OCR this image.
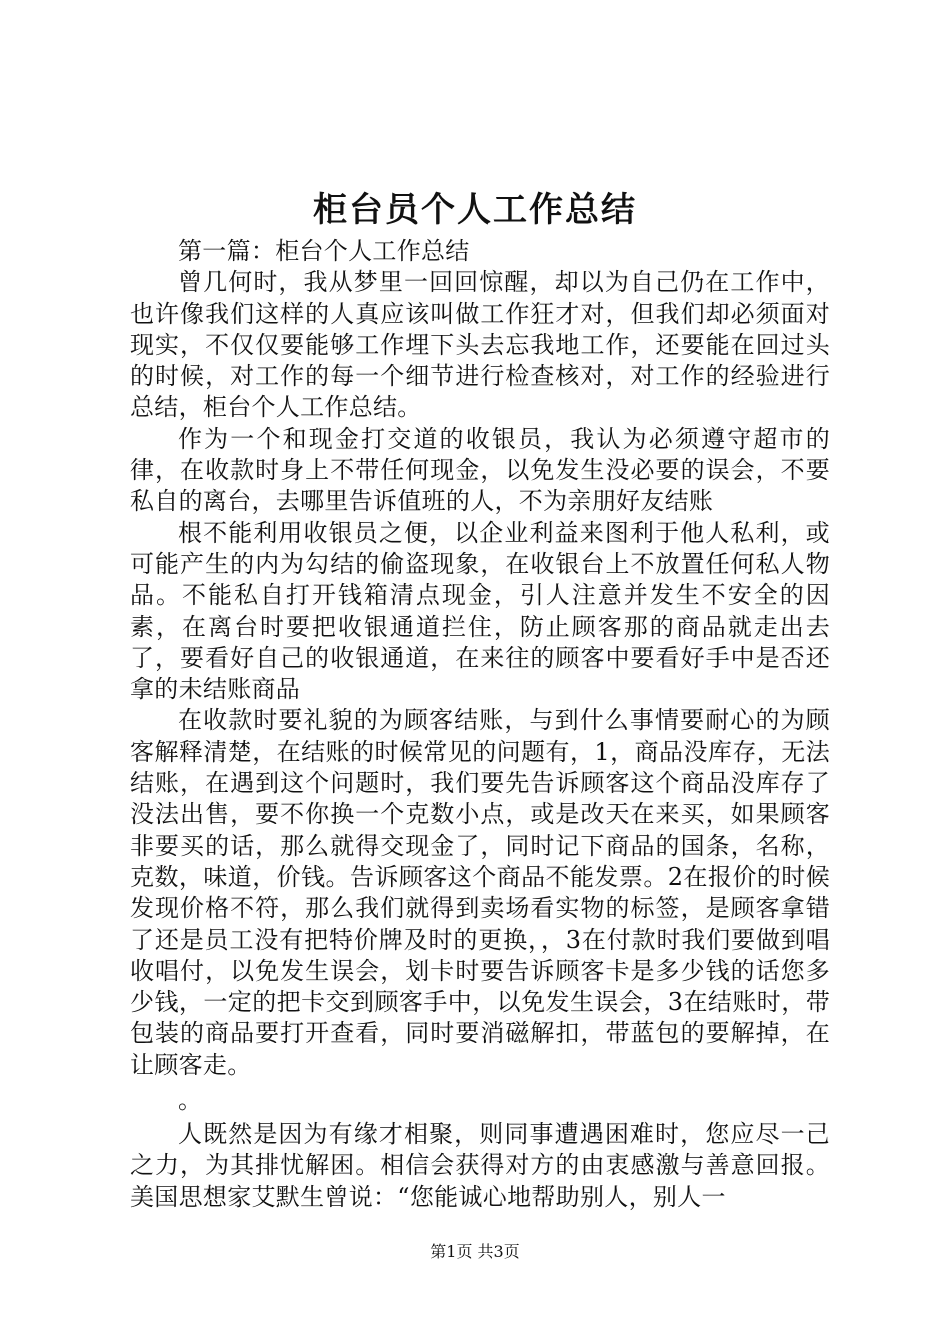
柜台员个人工作总结

第一篇：柜台个人工作总结

曾几何时，我从梦里一回回惊醒，却以为自己仍在工作中，也许像我们这样的人真应该叫做工作狂才对，但我们却必须面对现实，不仅仅要能够工作埋下头去忘我地工作，还要能在回过头的时候，对工作的每一个细节进行检查核对，对工作的经验进行总结，柜台个人工作总结。

作为一个和现金打交道的收银员，我认为必须遵守超市的律，在收款时身上不带任何现金，以免发生没必要的误会，不要私自的离台，去哪里告诉值班的人，不为亲朋好友结账

根不能利用收银员之便，以企业利益来图利于他人私利，或可能产生的内为勾结的偷盗现象，在收银台上不放置任何私人物品。不能私自打开钱箱清点现金，引人注意并发生不安全的因素，在离台时要把收银通道拦住，防止顾客那的商品就走出去了，要看好自己的收银通道，在来往的顾客中要看好手中是否还拿的未结账商品

在收款时要礼貌的为顾客结账，与到什么事情要耐心的为顾客解释清楚，在结账的时候常见的问题有，1，商品没库存，无法结账，在遇到这个问题时，我们要先告诉顾客这个商品没库存了没法出售，要不你换一个克数小点，或是改天在来买，如果顾客非要买的话，那么就得交现金了，同时记下商品的国条，名称，克数，味道，价钱。告诉顾客这个商品不能发票。2在报价的时候发现价格不符，那么我们就得到卖场看实物的标签，是顾客拿错了还是员工没有把特价牌及时的更换，，3在付款时我们要做到唱收唱付，以免发生误会，划卡时要告诉顾客卡是多少钱的话您多少钱，一定的把卡交到顾客手中，以免发生误会，3在结账时，带包装的商品要打开查看，同时要消磁解扣，带蓝包的要解掉，在让顾客走。

。

人既然是因为有缘才相聚，则同事遭遇困难时，您应尽一己之力，为其排忧解困。相信会获得对方的由衷感激与善意回报。美国思想家艾默生曾说：“您能诚心地帮助别人，别人一

第1页 共3页
